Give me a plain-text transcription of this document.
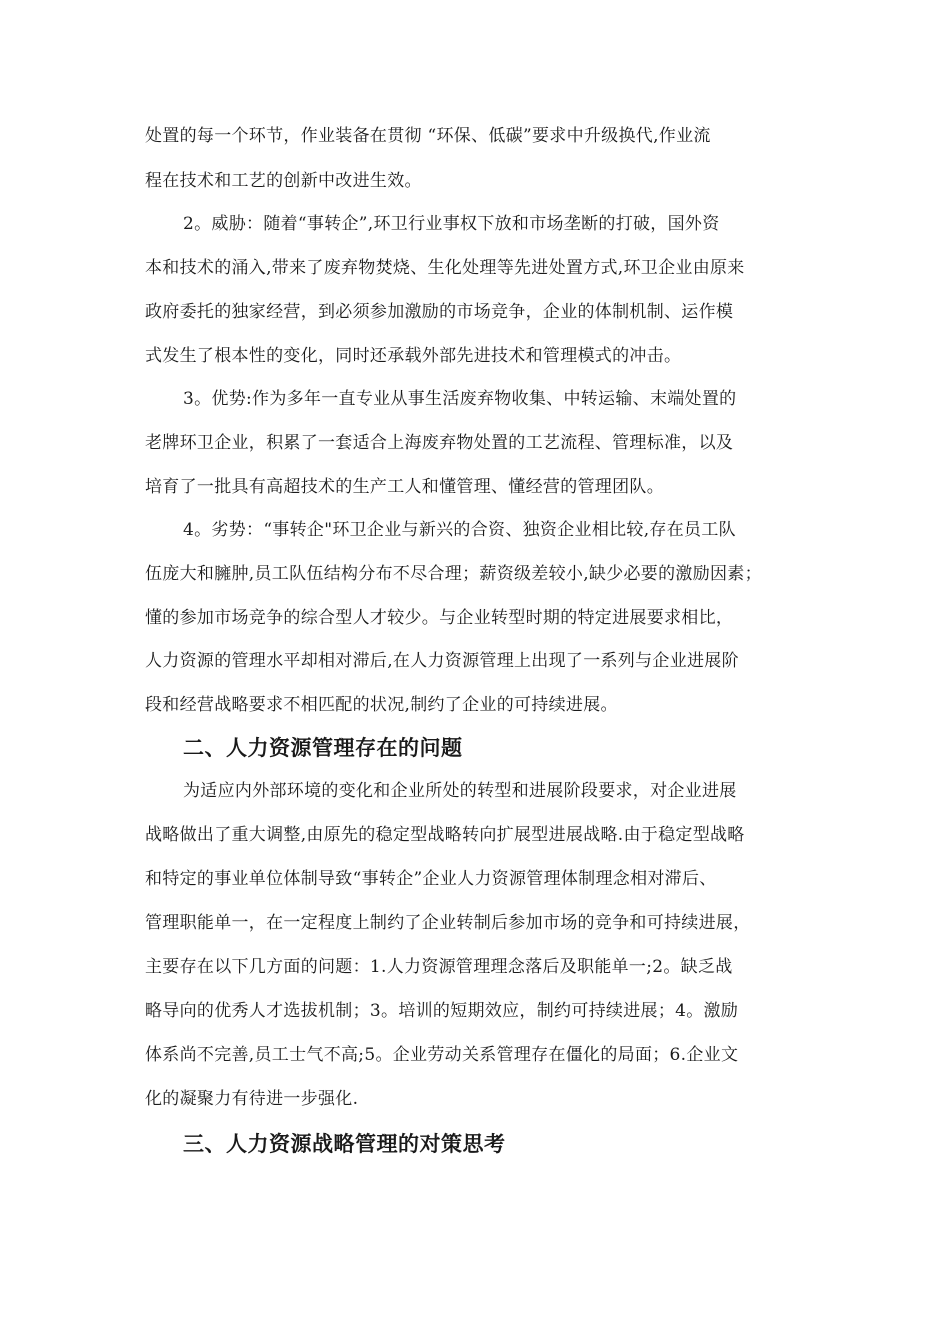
处置的每一个环节，作业装备在贯彻 “环保、低碳”要求中升级换代,作业流
程在技术和工艺的创新中改进生效。
2。威胁：随着“事转企”,环卫行业事权下放和市场垄断的打破，国外资
本和技术的涌入,带来了废弃物焚烧、生化处理等先进处置方式,环卫企业由原来
政府委托的独家经营，到必须参加激励的市场竞争，企业的体制机制、运作模
式发生了根本性的变化，同时还承载外部先进技术和管理模式的冲击。
3。优势:作为多年一直专业从事生活废弃物收集、中转运输、末端处置的
老牌环卫企业，积累了一套适合上海废弃物处置的工艺流程、管理标准，以及
培育了一批具有高超技术的生产工人和懂管理、懂经营的管理团队。
4。劣势：“事转企"环卫企业与新兴的合资、独资企业相比较,存在员工队
伍庞大和臃肿,员工队伍结构分布不尽合理；薪资级差较小,缺少必要的激励因素；
懂的参加市场竞争的综合型人才较少。与企业转型时期的特定进展要求相比，
人力资源的管理水平却相对滞后,在人力资源管理上出现了一系列与企业进展阶
段和经营战略要求不相匹配的状况,制约了企业的可持续进展。
二、人力资源管理存在的问题
为适应内外部环境的变化和企业所处的转型和进展阶段要求，对企业进展
战略做出了重大调整,由原先的稳定型战略转向扩展型进展战略.由于稳定型战略
和特定的事业单位体制导致“事转企”企业人力资源管理体制理念相对滞后、
管理职能单一，在一定程度上制约了企业转制后参加市场的竞争和可持续进展，
主要存在以下几方面的问题：1.人力资源管理理念落后及职能单一;2。缺乏战
略导向的优秀人才选拔机制；3。培训的短期效应，制约可持续进展；4。激励
体系尚不完善,员工士气不高;5。企业劳动关系管理存在僵化的局面；6.企业文
化的凝聚力有待进一步强化.
三、人力资源战略管理的对策思考
